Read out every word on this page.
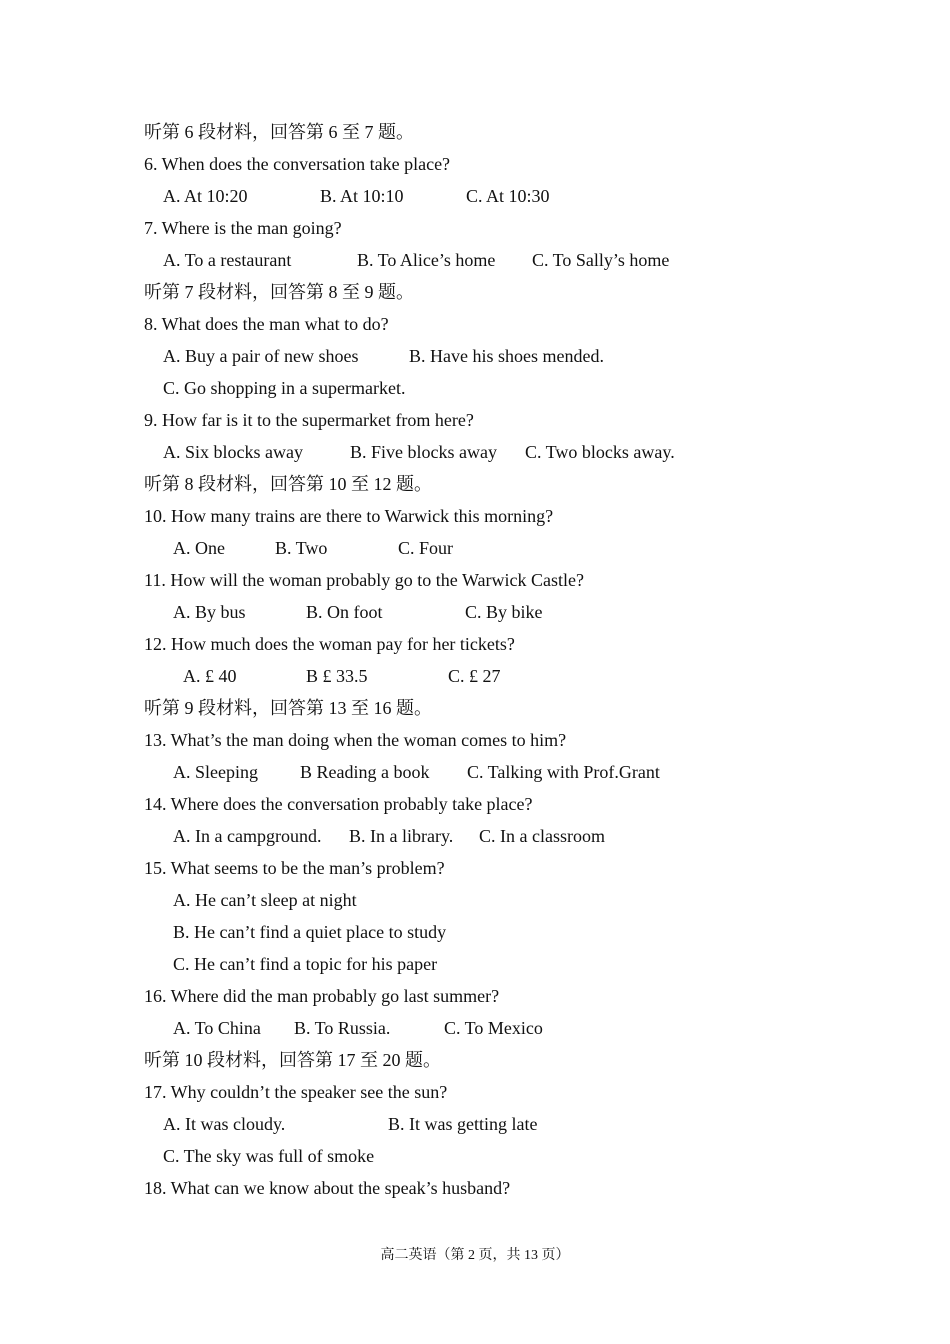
听第 6 段材料，回答第 6 至 7 题。
6. When does the conversation take place?
A. At 10:20	B. At 10:10	C. At 10:30
7. Where is the man going?
A. To a restaurant	B. To Alice’s home C. To Sally’s home
听第 7 段材料，回答第 8 至 9 题。
8. What does the man what to do?
A. Buy a pair of new shoes	B. Have his shoes mended.
C. Go shopping in a supermarket.
9. How far is it to the supermarket from here?
A. Six blocks away	B. Five blocks away C. Two blocks away.
听第 8 段材料，回答第 10 至 12 题。
10. How many trains are there to Warwick this morning?
A. One	B. Two	C. Four
11. How will the woman probably go to the Warwick Castle?
A. By bus	B. On foot	C. By bike
12. How much does the woman pay for her tickets?
A. £ 40	B £ 33.5	C. £ 27
听第 9 段材料，回答第 13 至 16 题。
13. What’s the man doing when the woman comes to him?
A. Sleeping B Reading a book C. Talking with Prof.Grant
14. Where does the conversation probably take place?
A. In a campground. B. In a library. C. In a classroom
15. What seems to be the man’s problem?
A. He can’t sleep at night
B. He can’t find a quiet place to study
C. He can’t find a topic for his paper
16. Where did the man probably go last summer?
A. To China B. To Russia.	C. To Mexico
听第 10 段材料，回答第 17 至 20 题。
17. Why couldn’t the speaker see the sun?
A. It was cloudy.	B. It was getting late
C. The sky was full of smoke
18. What can we know about the speak’s husband?
高二英语（第 2 页，共 13 页）
